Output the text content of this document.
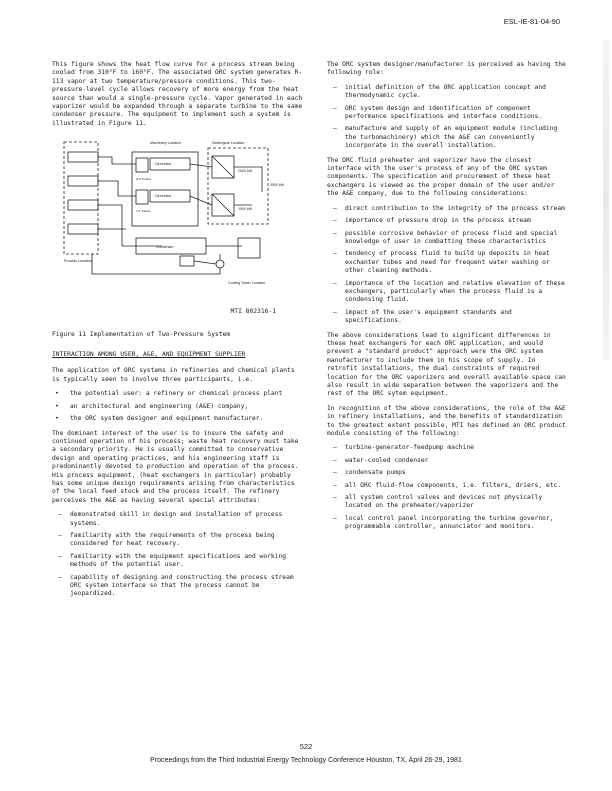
ESL-IE-81-04-90

This figure shows the heat flow curve for a process stream being cooled from 310°F to 160°F. The associated ORC system generates R-113 vapor at two temperature/pressure conditions. This two-pressure-level cycle allows recovery of more energy from the heat source than would a single-pressure cycle. Vapor generated in each vaporizer would be expanded through a separate turbine to the same condenser pressure. The equipment to implement such a system is illustrated in Figure 11.

Machinery Location	Switchgear Location
Generator
Generator
H.P. Turbine
L.P. Turbine
2000 kW
3000 kW
1000 kW
Condenser
Process Location
Cooling Tower Location
MTI 802316-1
Figure 11 Implementation of Two-Pressure System
INTERACTION AMONG USER, A&E, AND EQUIPMENT SUPPLIER

The application of ORC systems in refineries and chemical plants is typically seen to involve three participants, i.e.

• the potential user: a refinery or chemical process plant
• an architectural and engineering (A&E) company,
• the ORC system designer and equipment manufacturer.

The dominant interest of the user is to insure the safety and continued operation of his process; waste heat recovery must take a secondary priority. He is usually committed to conservative design and operating practices, and his engineering staff is predominantly devoted to production and operation of the process. His process equipment, (heat exchangers in particular) probably has some unique design requirements arising from characteristics of the local feed stock and the process itself. The refinery perceives the A&E as having several special attributes:

— demonstrated skill in design and installation of process systems.
— familiarity with the requirements of the process being considered for heat recovery.
— familiarity with the equipment specifications and working methods of the potential user.
— capability of designing and constructing the process stream ORC system interface so that the process cannot be jeopardized.

The ORC system designer/manufacturer is perceived as having the following role:

— initial definition of the ORC application concept and thermodynamic cycle.
— ORC system design and identification of component performance specifications and interface conditions.
— manufacture and supply of an equipment module (including the turbomachinery) which the A&E can conveniently incorporate in the overall installation.

The ORC fluid preheater and vaporizer have the closest interface with the user's process of any of the ORC system components. The specification and procurement of these heat exchangers is viewed as the proper domain of the user and/or the A&E company, due to the following considerations:

— direct contribution to the integrity of the process stream
— importance of pressure drop in the process stream
— possible corrosive behavior of process fluid and special knowledge of user in combatting these characteristics
— tendency of process fluid to build up deposits in heat exchanter tubes and need for frequent water washing or other cleaning methods.
— importance of the location and relative elevation of these exchangers, particularly when the process fluid is a condensing fluid.
— impact of the user's equipment standards and specifications.

The above considerations lead to significant differences in these heat exchangers for each ORC application, and would prevent a "standard product" approach were the ORC system manufacturer to include them in his scope of supply. In retrofit installations, the dual constraints of required location for the ORC vaporizers and overall available space can also result in wide separation between the vaporizers and the rest of the ORC sytem equipment.

In recognition of the above considerations, the role of the A&E in refinery installations, and the benefits of standardization to the greatest extent possible, MTI has defined an ORC product module consisting of the following:

— turbine-generator-feedpump machine
— water-cooled condenser
— condensate pumps
— all ORC fluid-flow components, i.e. filters, driers, etc.
— all system control valves and devices not physically located on the preheater/vaporizer
— local control panel incorporating the turbine governor, programmable controller, annunciator and monitors.
522
Proceedings from the Third Industrial Energy Technology Conference Houston, TX, April 26-29, 1981
